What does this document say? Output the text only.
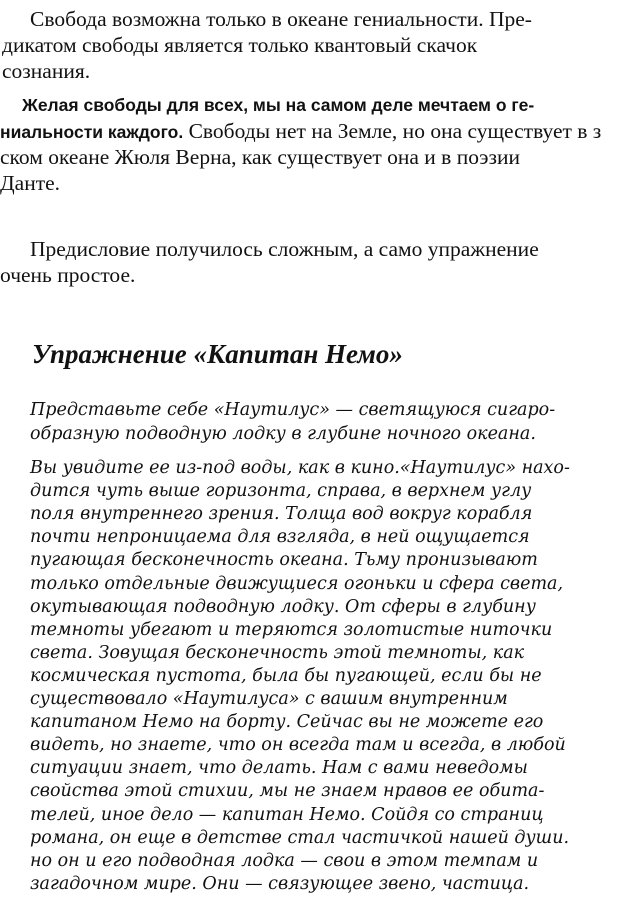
Свобода возможна только в океане гениальности. Пре-
дикатом свободы является только квантовый скачок
сознания.
Желая свободы для всех, мы на самом деле мечтаем о ге-
ниальности каждого. Свободы нет на Земле, но она существует в з
ском океане Жюля Верна, как существует она и в поэзии
Данте.
Предисловие получилось сложным, а само упражнение
очень простое.
Упражнение «Капитан Немо»
Представьте себе «Наутилус» — светящуюся сигаро-
образную подводную лодку в глубине ночного океана.
Вы увидите ее из-под воды, как в кино.«Наутилус» нахо-
дится чуть выше горизонта, справа, в верхнем углу
поля внутреннего зрения. Толща вод вокруг корабля
почти непроницаема для взгляда, в ней ощущается
пугающая бесконечность океана. Тьму пронизывают
только отдельные движущиеся огоньки и сфера света,
окутывающая подводную лодку. От сферы в глубину
темноты убегают и теряются золотистые ниточки
света. Зовущая бесконечность этой темноты, как
космическая пустота, была бы пугающей, если бы не
существовало «Наутилуса» с вашим внутренним
капитаном Немо на борту. Сейчас вы не можете его
видеть, но знаете, что он всегда там и всегда, в любой
ситуации знает, что делать. Нам с вами неведомы
свойства этой стихии, мы не знаем нравов ее обита-
телей, иное дело — капитан Немо. Сойдя со страниц
романа, он еще в детстве стал частичкой нашей души.
но он и его подводная лодка — свои в этом темпам и
загадочном мире. Они — связующее звено, частица.
